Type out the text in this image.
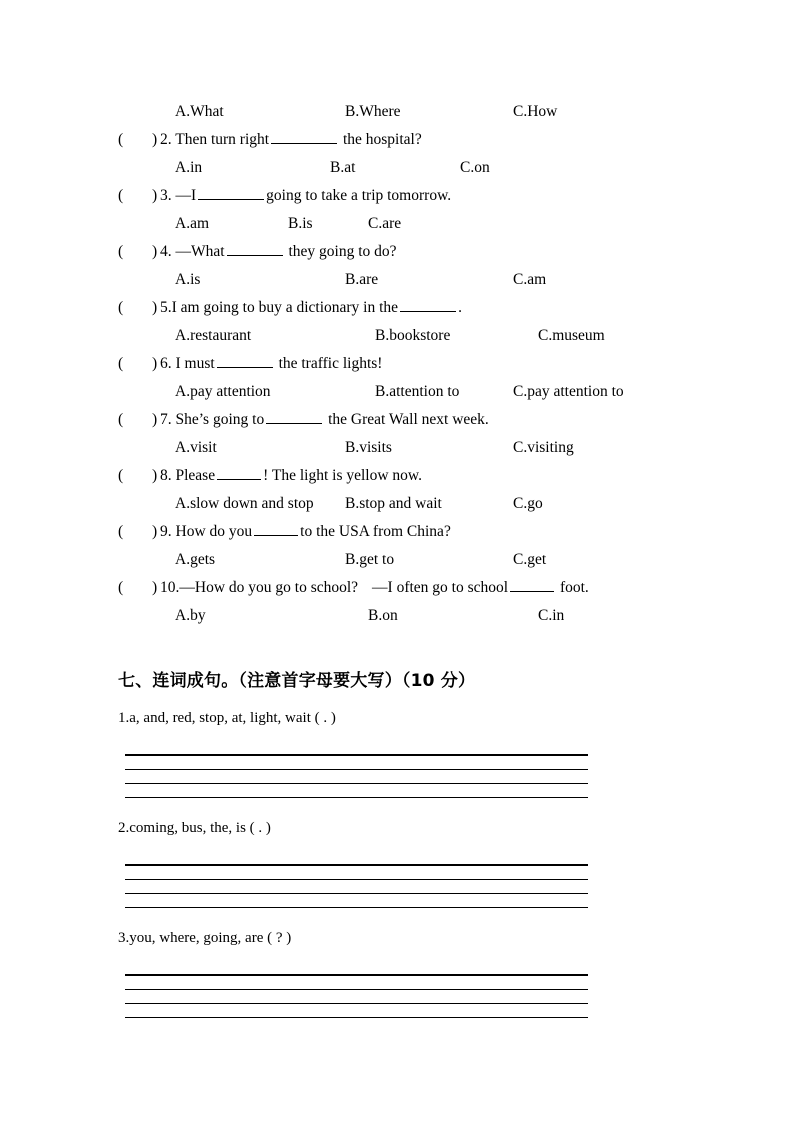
A.What	B.Where	C.How
( ) 2. Then turn right	the hospital?
A.in	B.at	C.on
( ) 3. —I	going to take a trip tomorrow.
A.am	B.is	C.are
( ) 4. —What	they going to do?
A.is	B.are	C.am
( ) 5.I am going to buy a dictionary in the	.
A.restaurant	B.bookstore	C.museum
( ) 6. I must	the traffic lights!
A.pay attention	B.attention to	C.pay attention to
( ) 7. She’s going to	the Great Wall next week.
A.visit	B.visits	C.visiting
( ) 8. Please	! The light is yellow now.
A.slow down and stop B.stop and wait	C.go
( ) 9. How do you	to the USA from China?
A.gets	B.get to	C.get
( ) 10.—How do you go to school? —I often go to school	foot.
A.by	B.on	C.in
七、连词成句。（注意首字母要大写）（10 分）
1.a, and, red, stop, at, light, wait ( . )
2.coming, bus, the, is ( . )
3.you, where, going, are ( ? )
